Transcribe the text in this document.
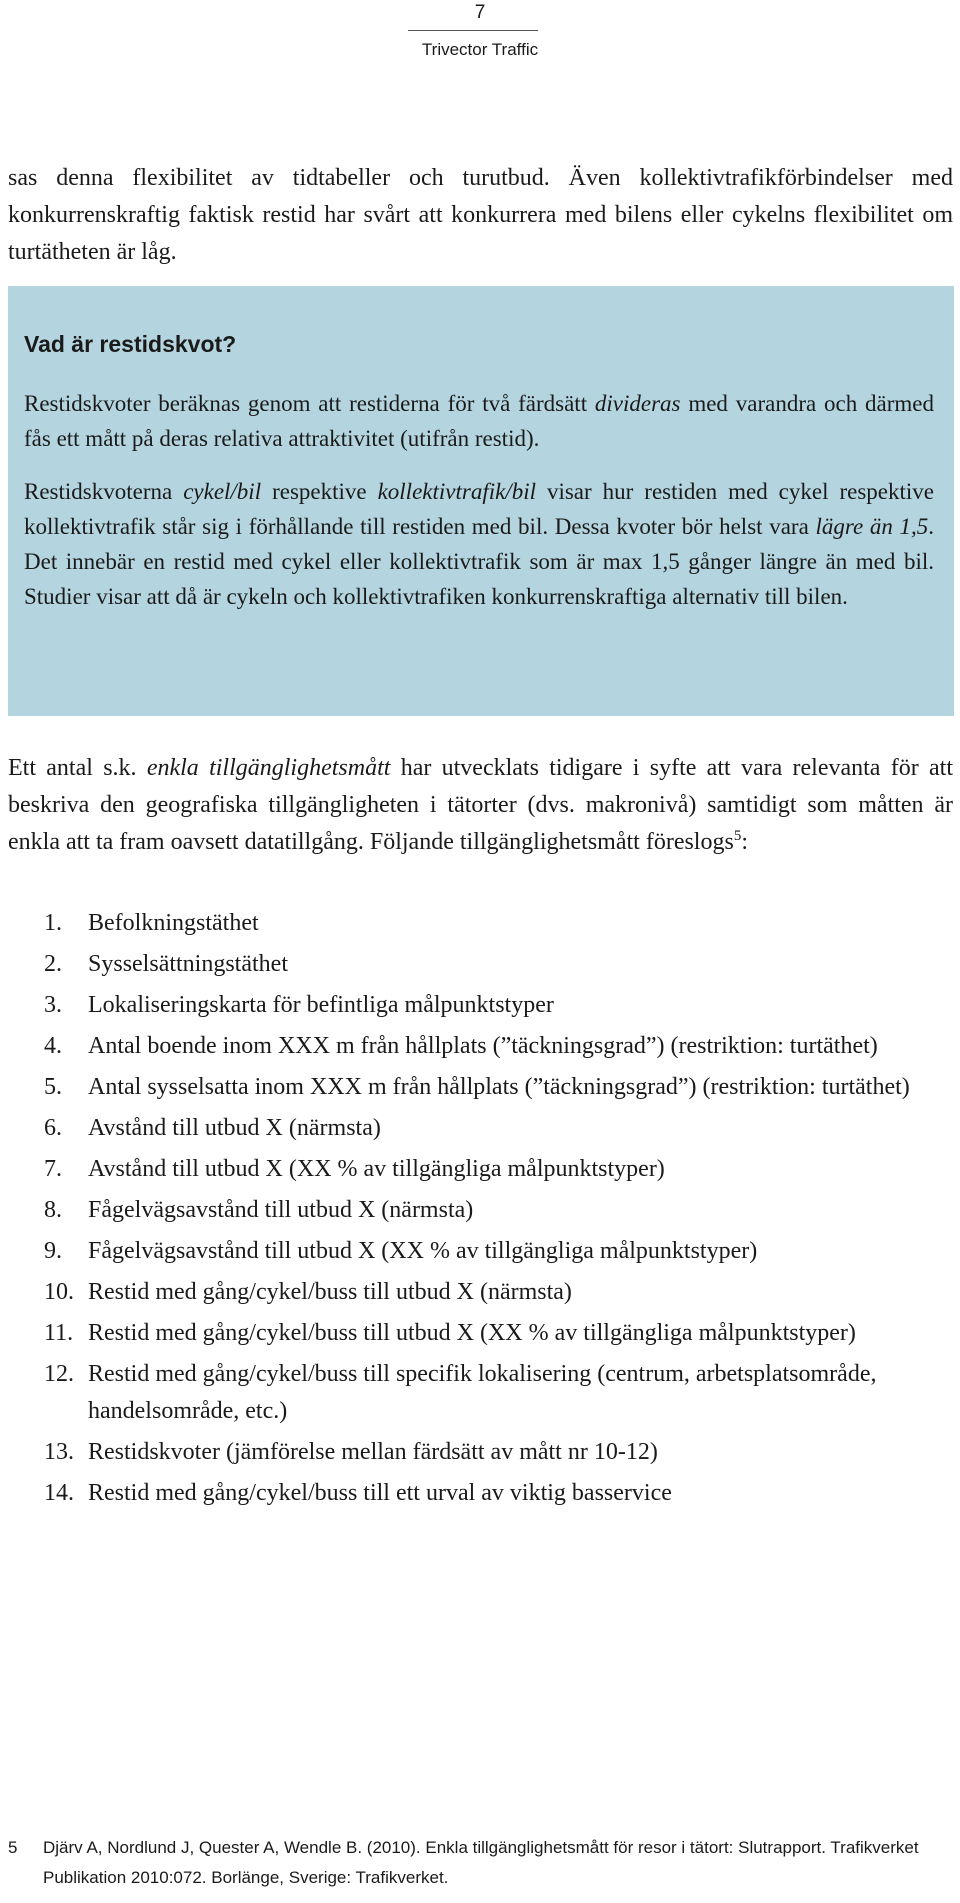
7
Trivector Traffic

sas denna flexibilitet av tidtabeller och turutbud. Även kollektivtrafikförbindelser med konkurrenskraftig faktisk restid har svårt att konkurrera med bilens eller cykelns flexibilitet om turtätheten är låg.

Vad är restidskvot?

Restidskvoter beräknas genom att restiderna för två färdsätt divideras med varandra och därmed fås ett mått på deras relativa attraktivitet (utifrån restid).

Restidskvoterna cykel/bil respektive kollektivtrafik/bil visar hur restiden med cykel respektive kollektivtrafik står sig i förhållande till restiden med bil. Dessa kvoter bör helst vara lägre än 1,5. Det innebär en restid med cykel eller kollektivtrafik som är max 1,5 gånger längre än med bil. Studier visar att då är cykeln och kollektivtrafiken konkurrenskraftiga alternativ till bilen.

Ett antal s.k. enkla tillgänglighetsmått har utvecklats tidigare i syfte att vara relevanta för att beskriva den geografiska tillgängligheten i tätorter (dvs. makronivå) samtidigt som måtten är enkla att ta fram oavsett datatillgång. Följande tillgänglighetsmått föreslogs$^5$:

1. Befolkningstäthet
2. Sysselsättningstäthet
3. Lokaliseringskarta för befintliga målpunktstyper
4. Antal boende inom XXX m från hållplats (”täckningsgrad”) (restriktion: turtäthet)
5. Antal sysselsatta inom XXX m från hållplats (”täckningsgrad”) (restriktion: turtäthet)
6. Avstånd till utbud X (närmsta)
7. Avstånd till utbud X (XX % av tillgängliga målpunktstyper)
8. Fågelvägsavstånd till utbud X (närmsta)
9. Fågelvägsavstånd till utbud X (XX % av tillgängliga målpunktstyper)
10. Restid med gång/cykel/buss till utbud X (närmsta)
11. Restid med gång/cykel/buss till utbud X (XX % av tillgängliga målpunktstyper)
12. Restid med gång/cykel/buss till specifik lokalisering (centrum, arbetsplatsområde, handelsområde, etc.)
13. Restidskvoter (jämförelse mellan färdsätt av mått nr 10-12)
14. Restid med gång/cykel/buss till ett urval av viktig basservice
5 Djärv A, Nordlund J, Quester A, Wendle B. (2010). Enkla tillgänglighetsmått för resor i tätort: Slutrapport. Trafikverket Publikation 2010:072. Borlänge, Sverige: Trafikverket.
